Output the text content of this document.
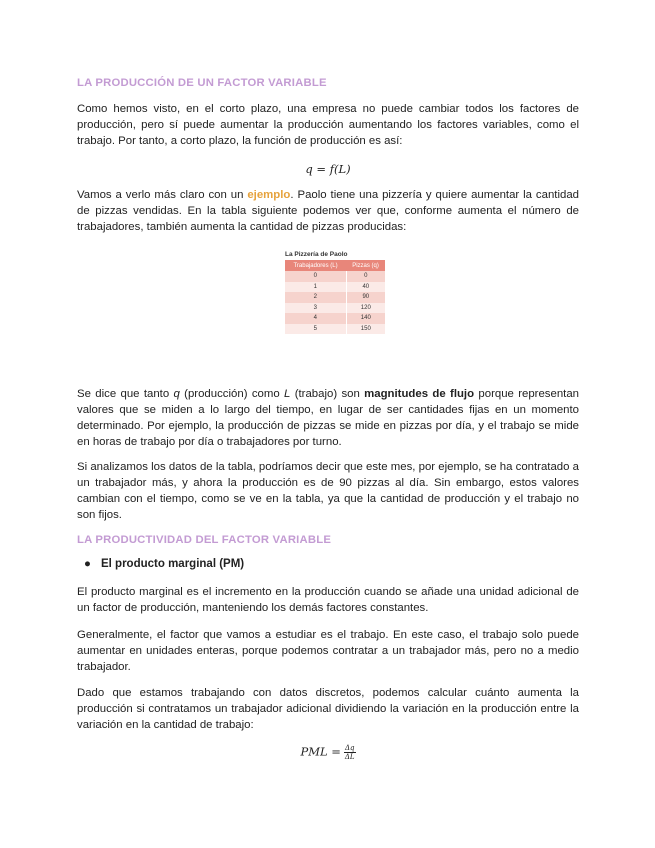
LA PRODUCCIÓN DE UN FACTOR VARIABLE

Como hemos visto, en el corto plazo, una empresa no puede cambiar todos los factores de producción, pero sí puede aumentar la producción aumentando los factores variables, como el trabajo. Por tanto, a corto plazo, la función de producción es así:

q = f(L)

Vamos a verlo más claro con un ejemplo. Paolo tiene una pizzería y quiere aumentar la cantidad de pizzas vendidas. En la tabla siguiente podemos ver que, conforme aumenta el número de trabajadores, también aumenta la cantidad de pizzas producidas:

La Pizzería de Paolo
Trabajadores (L)	Pizzas (q)
0	0
1	40
2	90
3	120
4	140
5	150

Se dice que tanto q (producción) como L (trabajo) son magnitudes de flujo porque representan valores que se miden a lo largo del tiempo, en lugar de ser cantidades fijas en un momento determinado. Por ejemplo, la producción de pizzas se mide en pizzas por día, y el trabajo se mide en horas de trabajo por día o trabajadores por turno.

Si analizamos los datos de la tabla, podríamos decir que este mes, por ejemplo, se ha contratado a un trabajador más, y ahora la producción es de 90 pizzas al día. Sin embargo, estos valores cambian con el tiempo, como se ve en la tabla, ya que la cantidad de producción y el trabajo no son fijos.

LA PRODUCTIVIDAD DEL FACTOR VARIABLE
● El producto marginal (PM)

El producto marginal es el incremento en la producción cuando se añade una unidad adicional de un factor de producción, manteniendo los demás factores constantes.

Generalmente, el factor que vamos a estudiar es el trabajo. En este caso, el trabajo solo puede aumentar en unidades enteras, porque podemos contratar a un trabajador más, pero no a medio trabajador.

Dado que estamos trabajando con datos discretos, podemos calcular cuánto aumenta la producción si contratamos un trabajador adicional dividiendo la variación en la producción entre la variación en la cantidad de trabajo:

PML = $\frac{\Delta q}{\Delta L}$
